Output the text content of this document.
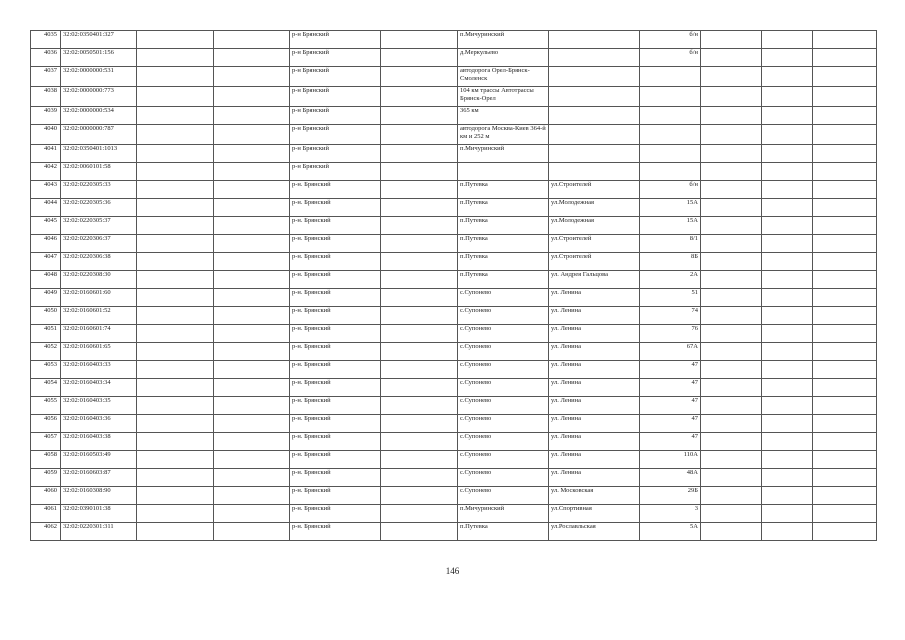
4035	32:02:0350401:327			р-н Брянский		п.Мичуринский		б/н			
4036	32:02:0050501:156			р-н Брянский		д.Меркульево		б/н			
4037	32:02:0000000:531			р-н Брянский		автодорога Орел-Брянск-Смоленск					
4038	32:02:0000000:773			р-н Брянский		104 км трассы Автотрассы Брянск-Орел					
4039	32:02:0000000:534			р-н Брянский		365 км					
4040	32:02:0000000:787			р-н Брянский		автодорога Москва-Киев 364-й км и 252 м					
4041	32:02:0350401:1013			р-н Брянский		п.Мичуринский					
4042	32:02:0060101:58			р-н Брянский							
4043	32:02:0220305:33			р-н. Брянский		п.Путевка	ул.Строителей	б/н			
4044	32:02:0220305:36			р-н. Брянский		п.Путевка	ул.Молодежная	15А			
4045	32:02:0220305:37			р-н. Брянский		п.Путевка	ул.Молодежная	15А			
4046	32:02:0220306:37			р-н. Брянский		п.Путевка	ул.Строителей	8/1			
4047	32:02:0220306:38			р-н. Брянский		п.Путевка	ул.Строителей	8Б			
4048	32:02:0220308:30			р-н. Брянский		п.Путевка	ул. Андрея Гальцова	2А			
4049	32:02:0160601:60			р-н. Брянский		с.Супонево	ул. Ленина	51			
4050	32:02:0160601:52			р-н. Брянский		с.Супонево	ул. Ленина	74			
4051	32:02:0160601:74			р-н. Брянский		с.Супонево	ул. Ленина	76			
4052	32:02:0160601:65			р-н. Брянский		с.Супонево	ул. Ленина	67А			
4053	32:02:0160403:33			р-н. Брянский		с.Супонево	ул. Ленина	47			
4054	32:02:0160403:34			р-н. Брянский		с.Супонево	ул. Ленина	47			
4055	32:02:0160403:35			р-н. Брянский		с.Супонево	ул. Ленина	47			
4056	32:02:0160403:36			р-н. Брянский		с.Супонево	ул. Ленина	47			
4057	32:02:0160403:38			р-н. Брянский		с.Супонево	ул. Ленина	47			
4058	32:02:0160503:49			р-н. Брянский		с.Супонево	ул. Ленина	110А			
4059	32:02:0160603:87			р-н. Брянский		с.Супонево	ул. Ленина	48А			
4060	32:02:0160308:90			р-н. Брянский		с.Супонево	ул. Московская	29Б			
4061	32:02:0390101:38			р-н. Брянский		п.Мичуринский	ул.Спортивная	3			
4062	32:02:0220301:311			р-н. Брянский		п.Путевка	ул.Рославльская	5А			
146
